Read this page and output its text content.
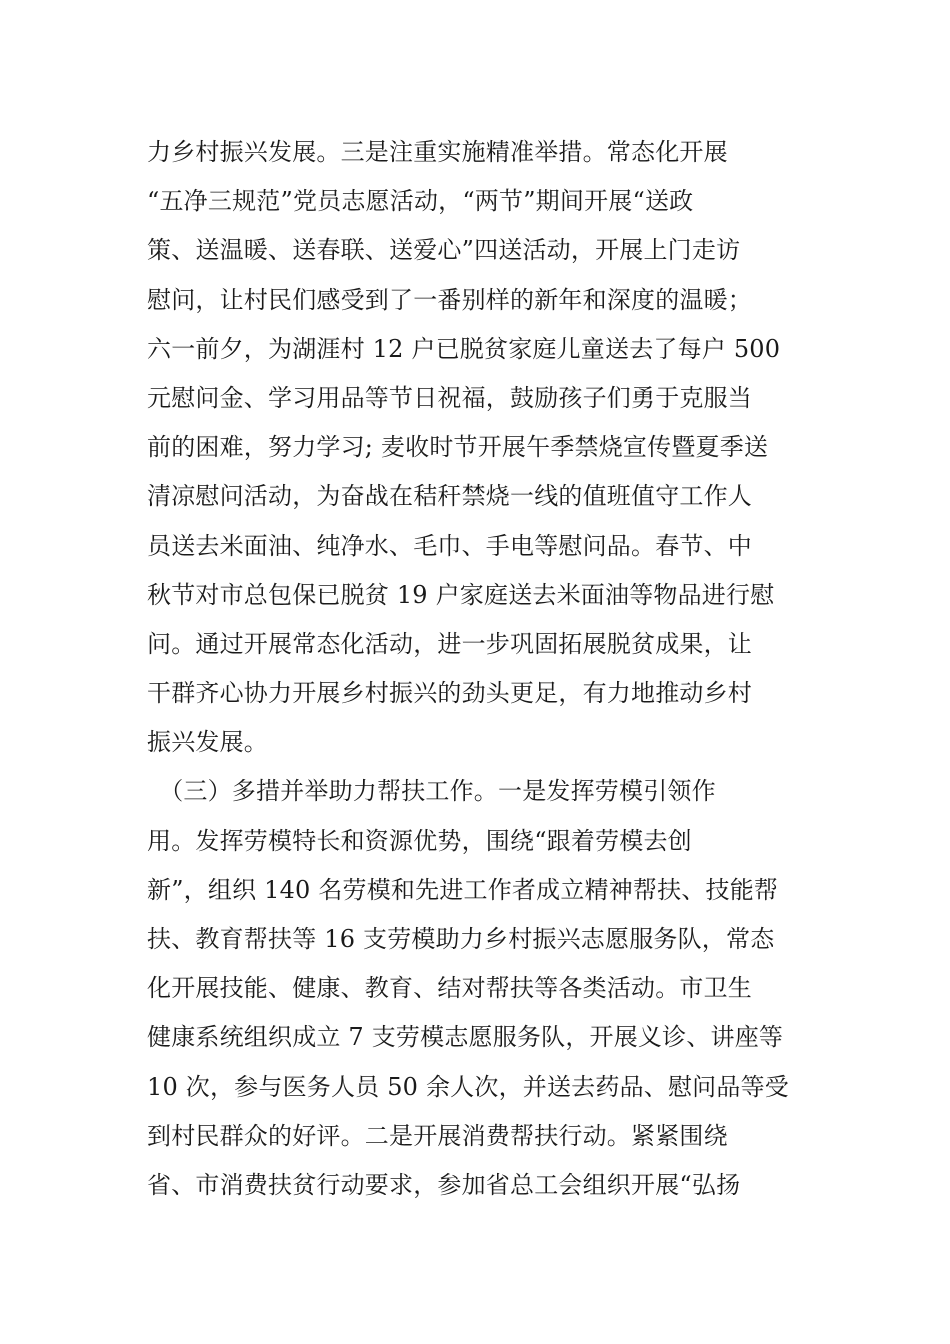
力乡村振兴发展。三是注重实施精准举措。常态化开展
“五净三规范”党员志愿活动，“两节”期间开展“送政
策、送温暖、送春联、送爱心”四送活动，开展上门走访
慰问，让村民们感受到了一番别样的新年和深度的温暖；
六一前夕，为湖涯村 12 户已脱贫家庭儿童送去了每户 500
元慰问金、学习用品等节日祝福，鼓励孩子们勇于克服当
前的困难，努力学习; 麦收时节开展午季禁烧宣传暨夏季送
清凉慰问活动，为奋战在秸秆禁烧一线的值班值守工作人
员送去米面油、纯净水、毛巾、手电等慰问品。春节、中
秋节对市总包保已脱贫 19 户家庭送去米面油等物品进行慰
问。通过开展常态化活动，进一步巩固拓展脱贫成果，让
干群齐心协力开展乡村振兴的劲头更足，有力地推动乡村
振兴发展。
　（三）多措并举助力帮扶工作。一是发挥劳模引领作
用。发挥劳模特长和资源优势，围绕“跟着劳模去创
新”，组织 140 名劳模和先进工作者成立精神帮扶、技能帮
扶、教育帮扶等 16 支劳模助力乡村振兴志愿服务队，常态
化开展技能、健康、教育、结对帮扶等各类活动。市卫生
健康系统组织成立 7 支劳模志愿服务队，开展义诊、讲座等
10 次，参与医务人员 50 余人次，并送去药品、慰问品等受
到村民群众的好评。二是开展消费帮扶行动。紧紧围绕
省、市消费扶贫行动要求，参加省总工会组织开展“弘扬
